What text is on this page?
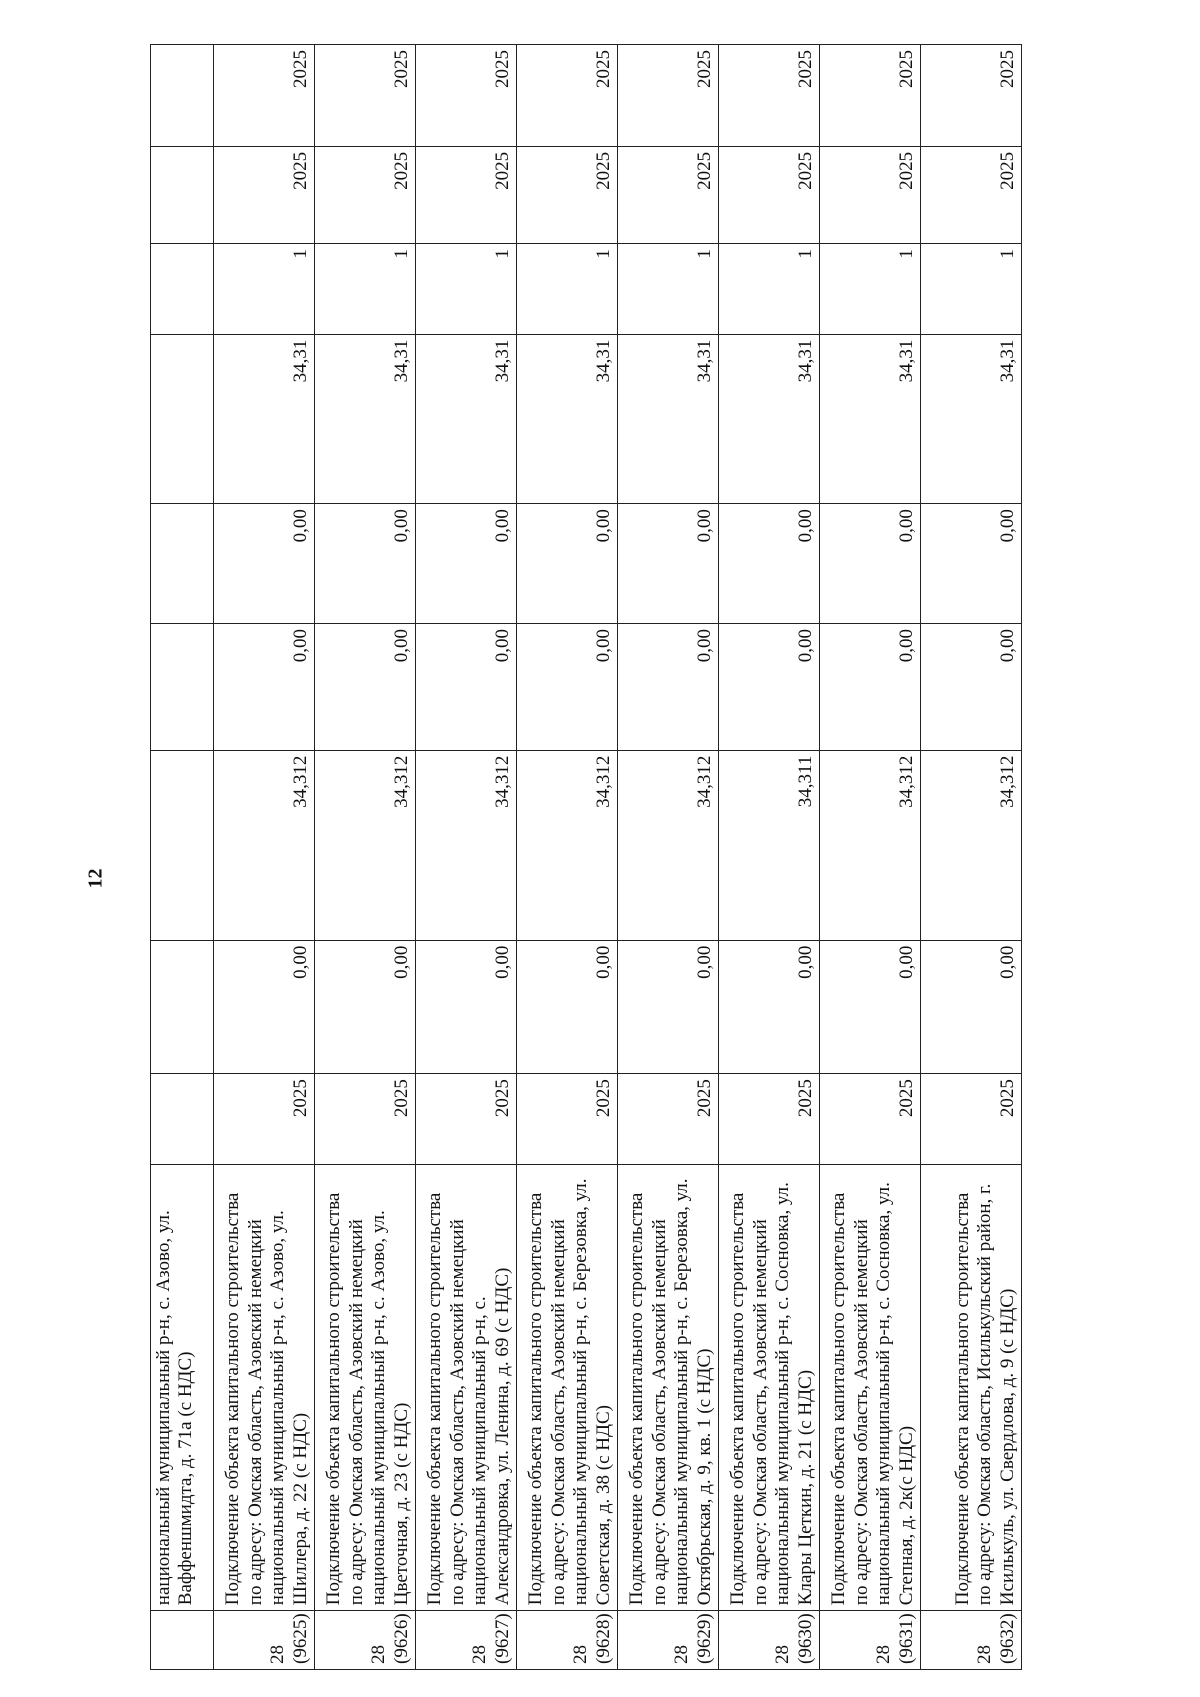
12
	национальный муниципальный р-н, с. Азово, ул. Ваффеншмидта, д. 71а (с НДС)									

28 (9625)	Подключение объекта капитального строительства по адресу: Омская область, Азовский немецкий национальный муниципальный р-н, с. Азово, ул. Шиллера, д. 22 (с НДС)	2025	0,00	34,312	0,00	0,00	34,31	1	2025	2025

28 (9626)	Подключение объекта капитального строительства по адресу: Омская область, Азовский немецкий национальный муниципальный р-н, с. Азово, ул. Цветочная, д. 23 (с НДС)	2025	0,00	34,312	0,00	0,00	34,31	1	2025	2025

28 (9627)	Подключение объекта капитального строительства по адресу: Омская область, Азовский немецкий национальный муниципальный р-н, с. Александровка, ул. Ленина, д. 69 (с НДС)	2025	0,00	34,312	0,00	0,00	34,31	1	2025	2025

28 (9628)	Подключение объекта капитального строительства по адресу: Омская область, Азовский немецкий национальный муниципальный р-н, с. Березовка, ул. Советская, д. 38 (с НДС)	2025	0,00	34,312	0,00	0,00	34,31	1	2025	2025

28 (9629)	Подключение объекта капитального строительства по адресу: Омская область, Азовский немецкий национальный муниципальный р-н, с. Березовка, ул. Октябрьская, д. 9, кв. 1 (с НДС)	2025	0,00	34,312	0,00	0,00	34,31	1	2025	2025

28 (9630)	Подключение объекта капитального строительства по адресу: Омская область, Азовский немецкий национальный муниципальный р-н, с. Сосновка, ул. Клары Цеткин, д. 21 (с НДС)	2025	0,00	34,311	0,00	0,00	34,31	1	2025	2025

28 (9631)	Подключение объекта капитального строительства по адресу: Омская область, Азовский немецкий национальный муниципальный р-н, с. Сосновка, ул. Степная, д. 2к(с НДС)	2025	0,00	34,312	0,00	0,00	34,31	1	2025	2025

28 (9632)	Подключение объекта капитального строительства по адресу: Омская область, Исилькульский район, г. Исилькуль, ул. Свердлова, д. 9 (с НДС)	2025	0,00	34,312	0,00	0,00	34,31	1	2025	2025
